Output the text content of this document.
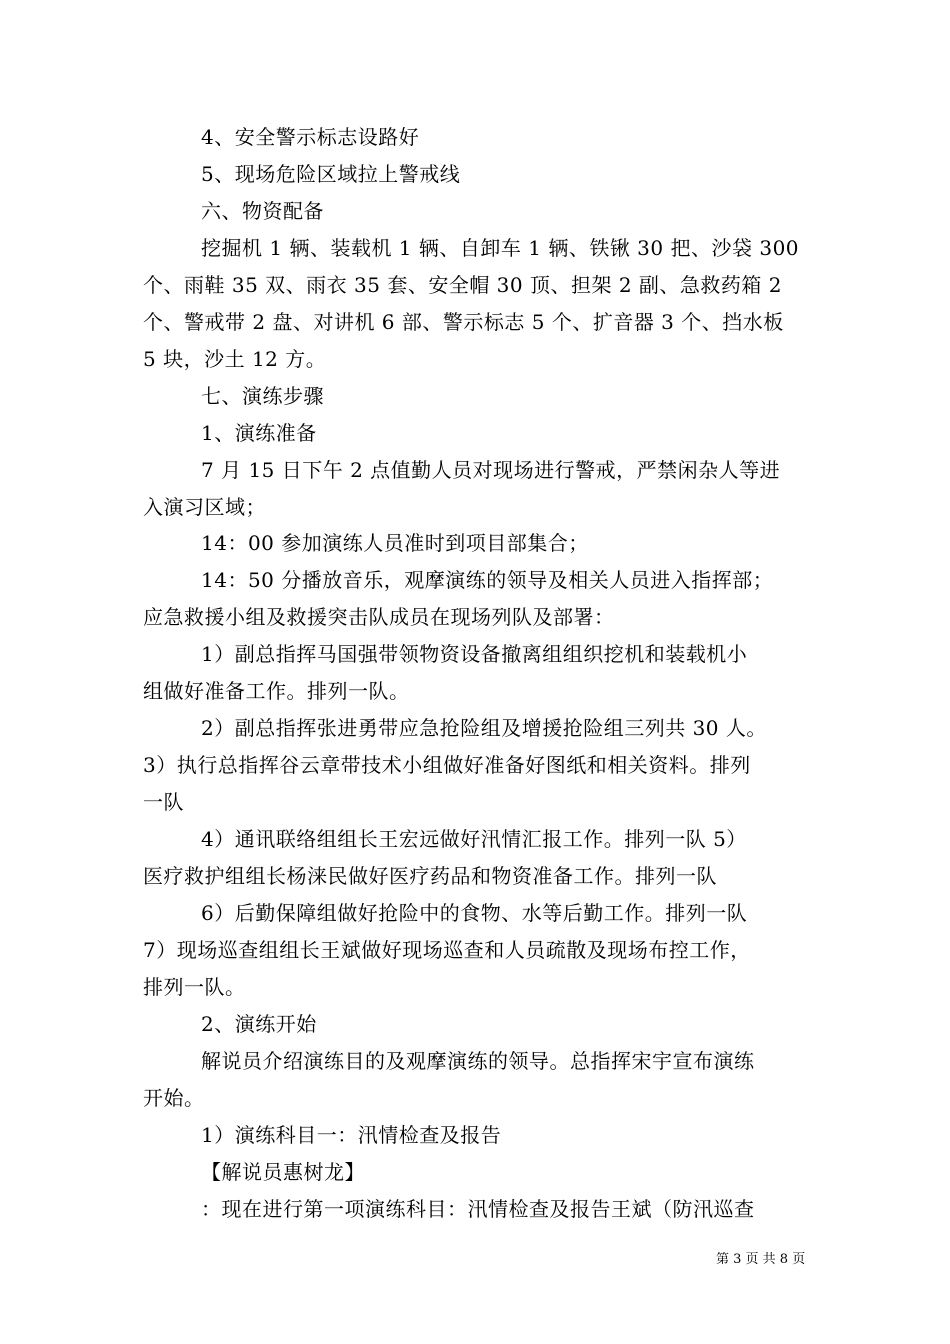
4、安全警示标志设路好
5、现场危险区域拉上警戒线
六、物资配备
挖掘机 1 辆、装载机 1 辆、自卸车 1 辆、铁锹 30 把、沙袋 300
个、雨鞋 35 双、雨衣 35 套、安全帽 30 顶、担架 2 副、急救药箱 2
个、警戒带 2 盘、对讲机 6 部、警示标志 5 个、扩音器 3 个、挡水板
5 块，沙土 12 方。
七、演练步骤
1、演练准备
7 月 15 日下午 2 点值勤人员对现场进行警戒，严禁闲杂人等进
入演习区域；
14：00 参加演练人员准时到项目部集合；
14：50 分播放音乐，观摩演练的领导及相关人员进入指挥部；
应急救援小组及救援突击队成员在现场列队及部署：
1）副总指挥马国强带领物资设备撤离组组织挖机和装载机小
组做好准备工作。排列一队。
2）副总指挥张进勇带应急抢险组及增援抢险组三列共 30 人。
3）执行总指挥谷云章带技术小组做好准备好图纸和相关资料。排列
一队
4）通讯联络组组长王宏远做好汛情汇报工作。排列一队 5）
医疗救护组组长杨涞民做好医疗药品和物资准备工作。排列一队
6）后勤保障组做好抢险中的食物、水等后勤工作。排列一队
7）现场巡查组组长王斌做好现场巡查和人员疏散及现场布控工作，
排列一队。
2、演练开始
解说员介绍演练目的及观摩演练的领导。总指挥宋宇宣布演练
开始。
1）演练科目一：汛情检查及报告
【解说员惠树龙】
：现在进行第一项演练科目：汛情检查及报告王斌（防汛巡查
第 3 页 共 8 页
